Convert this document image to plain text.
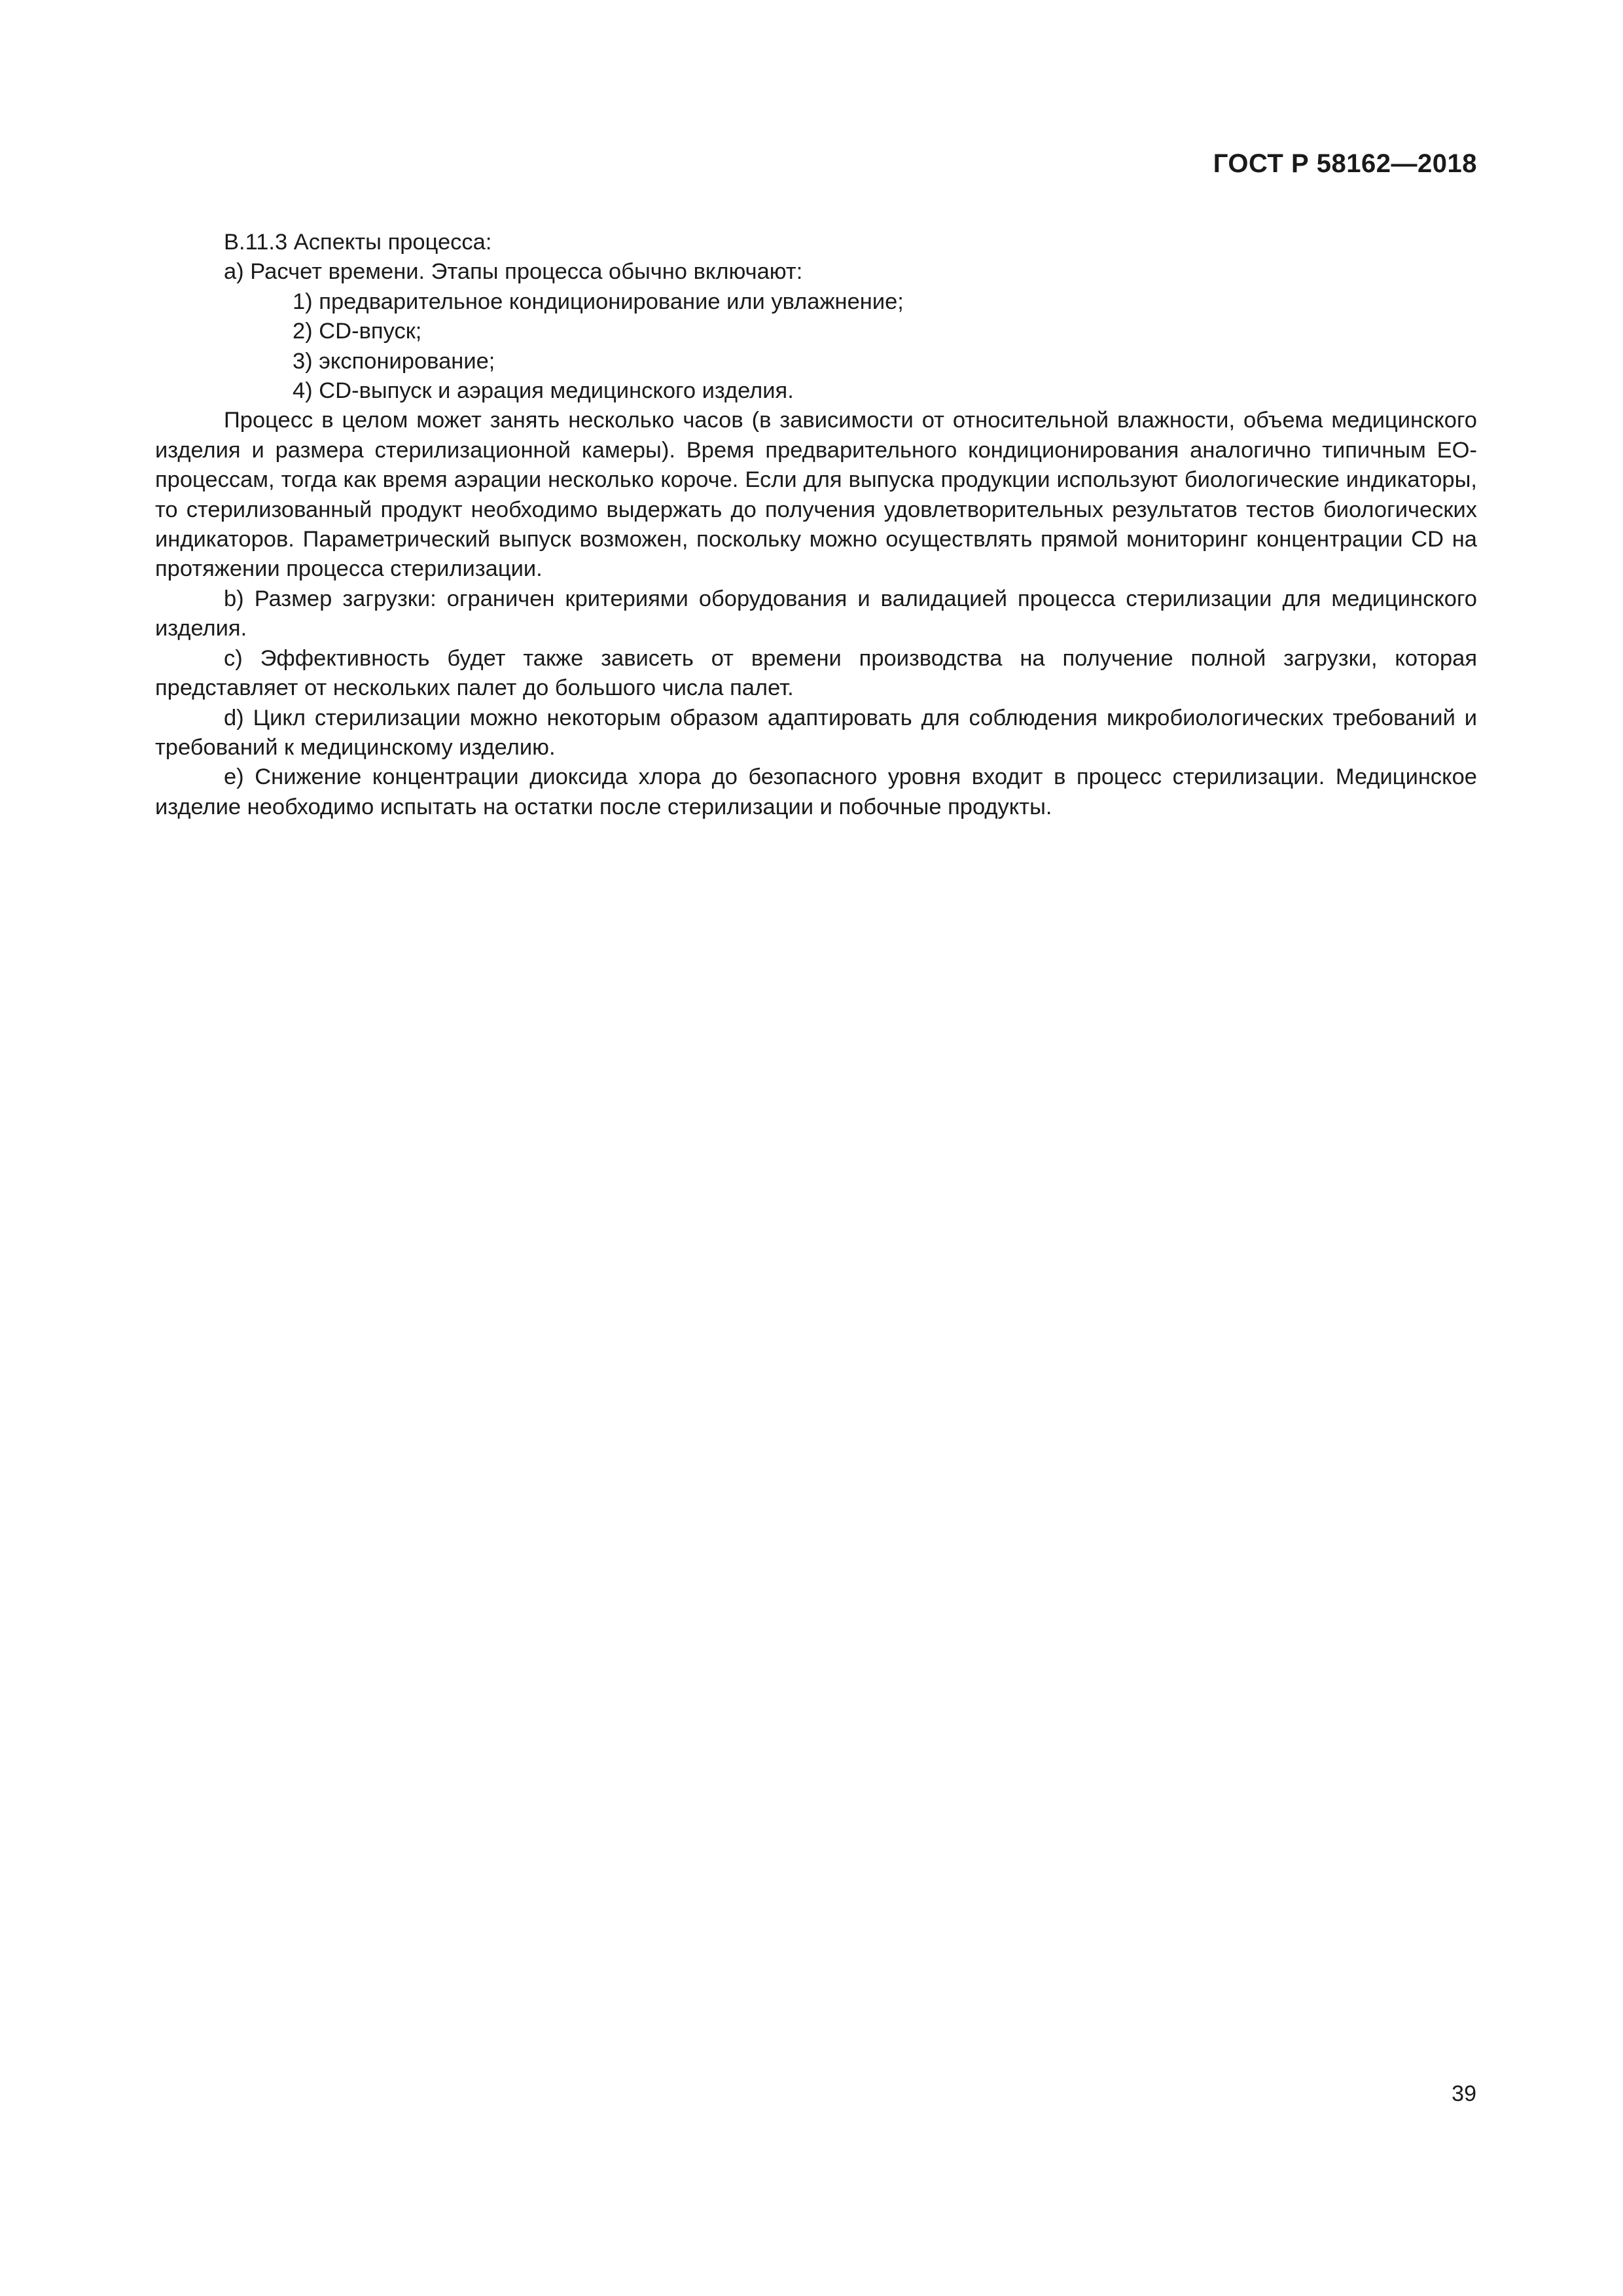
ГОСТ Р 58162—2018

В.11.3 Аспекты процесса:

а) Расчет времени. Этапы процесса обычно включают:

1) предварительное кондиционирование или увлажнение;

2) CD-впуск;

3) экспонирование;

4) CD-выпуск и аэрация медицинского изделия.

Процесс в целом может занять несколько часов (в зависимости от относительной влажности, объема медицинского изделия и размера стерилизационной камеры). Время предварительного кондиционирования аналогично типичным ЕО-процессам, тогда как время аэрации несколько короче. Если для выпуска продукции используют биологические индикаторы, то стерилизованный продукт необходимо выдержать до получения удовлетворительных результатов тестов биологических индикаторов. Параметрический выпуск возможен, поскольку можно осуществлять прямой мониторинг концентрации CD на протяжении процесса стерилизации.

b) Размер загрузки: ограничен критериями оборудования и валидацией процесса стерилизации для медицинского изделия.

c) Эффективность будет также зависеть от времени производства на получение полной загрузки, которая представляет от нескольких палет до большого числа палет.

d) Цикл стерилизации можно некоторым образом адаптировать для соблюдения микробиологических требований и требований к медицинскому изделию.

e) Снижение концентрации диоксида хлора до безопасного уровня входит в процесс стерилизации. Медицинское изделие необходимо испытать на остатки после стерилизации и побочные продукты.

39
